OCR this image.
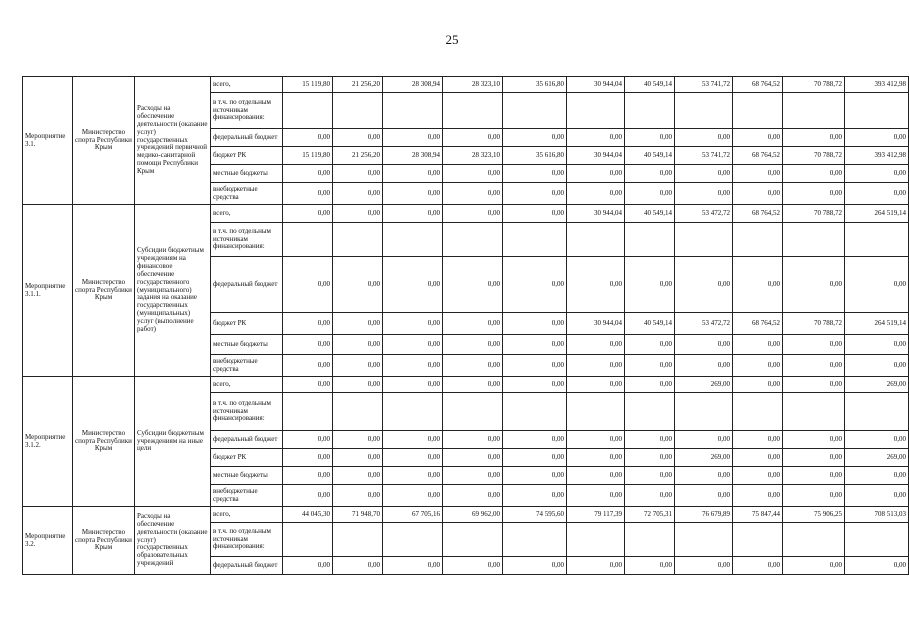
25
Мероприятие 3.1.	Министерство спорта Республики Крым	Расходы на обеспечение деятельности (оказание услуг) государственных учреждений первичной медико-санитарной помощи Республики Крым	всего,	15 119,80	21 256,20	28 308,94	28 323,10	35 616,80	30 944,04	40 549,14	53 741,72	68 764,52	70 788,72	393 412,98
			в т.ч. по отдельным источникам финансирования:											
			федеральный бюджет	0,00	0,00	0,00	0,00	0,00	0,00	0,00	0,00	0,00	0,00	0,00
			бюджет РК	15 119,80	21 256,20	28 308,94	28 323,10	35 616,80	30 944,04	40 549,14	53 741,72	68 764,52	70 788,72	393 412,98
			местные бюджеты	0,00	0,00	0,00	0,00	0,00	0,00	0,00	0,00	0,00	0,00	0,00
			внебюджетные средства	0,00	0,00	0,00	0,00	0,00	0,00	0,00	0,00	0,00	0,00	0,00
Мероприятие 3.1.1.	Министерство спорта Республики Крым	Субсидии бюджетным учреждениям на финансовое обеспечение государственного (муниципального) задания на оказание государственных (муниципальных) услуг (выполнение работ)	всего,	0,00	0,00	0,00	0,00	0,00	30 944,04	40 549,14	53 472,72	68 764,52	70 788,72	264 519,14
			в т.ч. по отдельным источникам финансирования:											
			федеральный бюджет	0,00	0,00	0,00	0,00	0,00	0,00	0,00	0,00	0,00	0,00	0,00
			бюджет РК	0,00	0,00	0,00	0,00	0,00	30 944,04	40 549,14	53 472,72	68 764,52	70 788,72	264 519,14
			местные бюджеты	0,00	0,00	0,00	0,00	0,00	0,00	0,00	0,00	0,00	0,00	0,00
			внебюджетные средства	0,00	0,00	0,00	0,00	0,00	0,00	0,00	0,00	0,00	0,00	0,00
Мероприятие 3.1.2.	Министерство спорта Республики Крым	Субсидии бюджетным учреждениям на иные цели	всего,	0,00	0,00	0,00	0,00	0,00	0,00	0,00	269,00	0,00	0,00	269,00
			в т.ч. по отдельным источникам финансирования:											
			федеральный бюджет	0,00	0,00	0,00	0,00	0,00	0,00	0,00	0,00	0,00	0,00	0,00
			бюджет РК	0,00	0,00	0,00	0,00	0,00	0,00	0,00	269,00	0,00	0,00	269,00
			местные бюджеты	0,00	0,00	0,00	0,00	0,00	0,00	0,00	0,00	0,00	0,00	0,00
			внебюджетные средства	0,00	0,00	0,00	0,00	0,00	0,00	0,00	0,00	0,00	0,00	0,00
Мероприятие 3.2.	Министерство спорта Республики Крым	Расходы на обеспечение деятельности (оказание услуг) государственных образовательных учреждений	всего,	44 045,30	71 948,70	67 705,16	69 962,00	74 595,60	79 117,39	72 705,31	76 679,89	75 847,44	75 906,25	708 513,03
			в т.ч. по отдельным источникам финансирования:											
			федеральный бюджет	0,00	0,00	0,00	0,00	0,00	0,00	0,00	0,00	0,00	0,00	0,00
